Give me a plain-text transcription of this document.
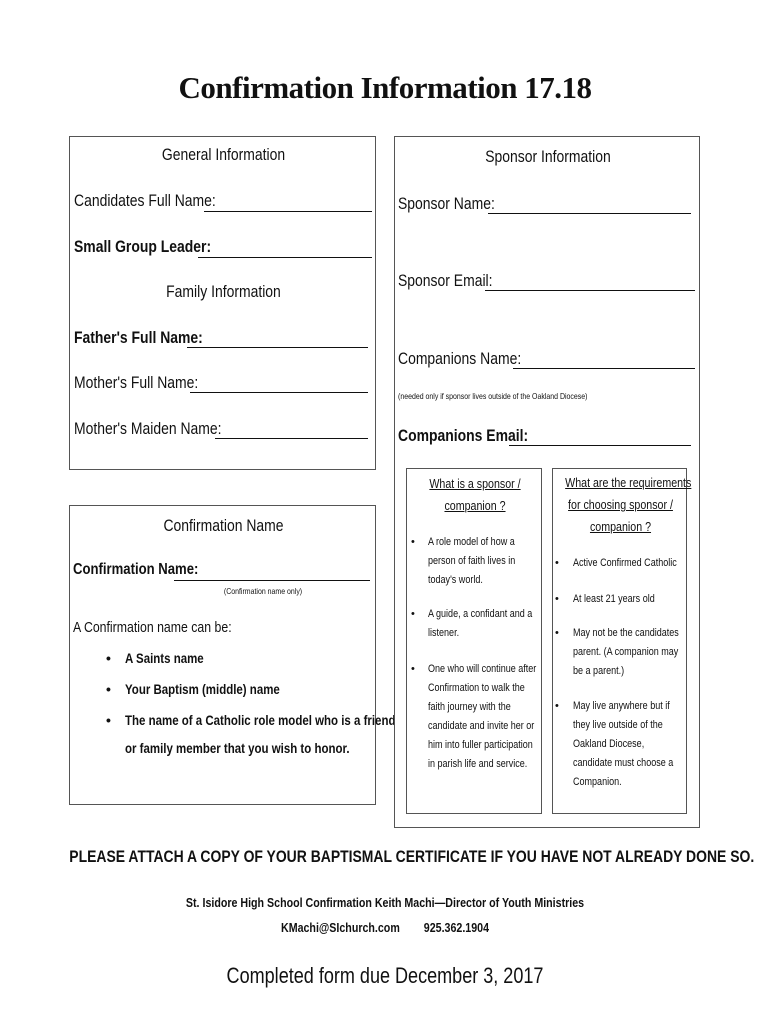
Confirmation Information 17.18
General Information
Candidates Full Name:
Small Group Leader:
Family Information
Father's Full Name:
Mother's Full Name:
Mother's Maiden Name:
Confirmation Name
Confirmation Name:
(Confirmation name only)
A Confirmation name can be:
• A Saints name
• Your Baptism (middle) name
• The name of a Catholic role model who is a friend
or family member that you wish to honor.
Sponsor Information
Sponsor Name:
Sponsor Email:
Companions Name:
(needed only if sponsor lives outside of the Oakland Diocese)
Companions Email:
What is a sponsor /
companion ?
• A role model of how a
person of faith lives in
today's world.
• A guide, a confidant and a
listener.
• One who will continue after
Confirmation to walk the
faith journey with the
candidate and invite her or
him into fuller participation
in parish life and service.
What are the requirements
for choosing sponsor /
companion ?
• Active Confirmed Catholic
• At least 21 years old
• May not be the candidates
parent. (A companion may
be a parent.)
• May live anywhere but if
they live outside of the
Oakland Diocese,
candidate must choose a
Companion.
PLEASE ATTACH A COPY OF YOUR BAPTISMAL CERTIFICATE IF YOU HAVE NOT ALREADY DONE SO.
St. Isidore High School Confirmation Keith Machi—Director of Youth Ministries
KMachi@SIchurch.com 925.362.1904
Completed form due December 3, 2017
